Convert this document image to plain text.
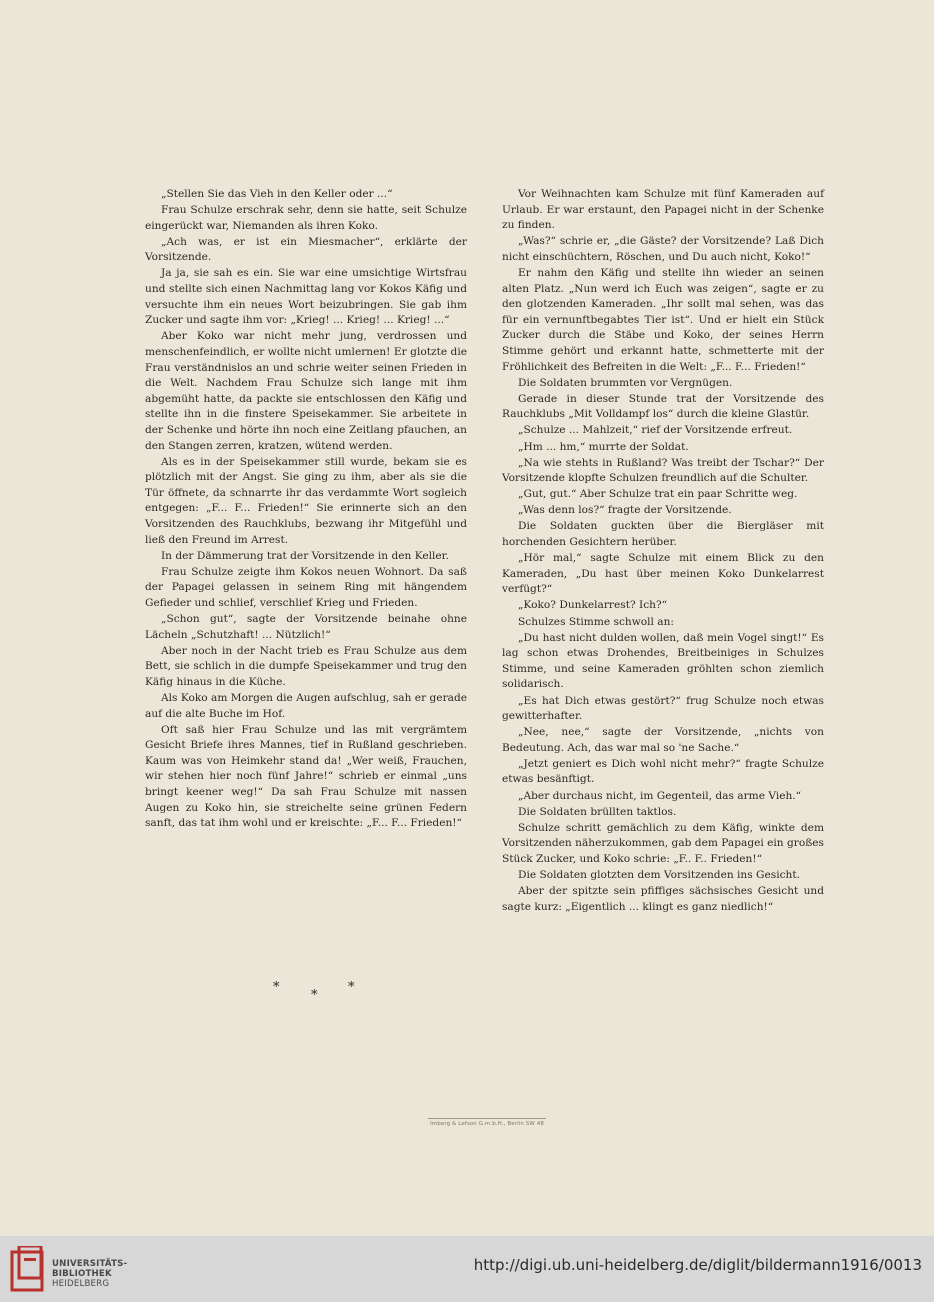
„Stellen Sie das Vieh in den Keller oder ...“

Frau Schulze erschrak sehr, denn sie hatte, seit Schulze eingerückt war, Niemanden als ihren Koko.

„Ach was, er ist ein Miesmacher“, erklärte der Vorsitzende.

Ja ja, sie sah es ein. Sie war eine umsichtige Wirtsfrau und stellte sich einen Nachmittag lang vor Kokos Käfig und versuchte ihm ein neues Wort beizubringen. Sie gab ihm Zucker und sagte ihm vor: „Krieg! ... Krieg! ... Krieg! ...“

Aber Koko war nicht mehr jung, verdrossen und menschenfeindlich, er wollte nicht umlernen! Er glotzte die Frau verständnislos an und schrie weiter seinen Frieden in die Welt. Nachdem Frau Schulze sich lange mit ihm abgemüht hatte, da packte sie entschlossen den Käfig und stellte ihn in die finstere Speisekammer. Sie arbeitete in der Schenke und hörte ihn noch eine Zeitlang pfauchen, an den Stangen zerren, kratzen, wütend werden.

Als es in der Speisekammer still wurde, bekam sie es plötzlich mit der Angst. Sie ging zu ihm, aber als sie die Tür öffnete, da schnarrte ihr das verdammte Wort sogleich entgegen: „F... F... Frieden!“ Sie erinnerte sich an den Vorsitzenden des Rauchklubs, bezwang ihr Mitgefühl und ließ den Freund im Arrest.

In der Dämmerung trat der Vorsitzende in den Keller.

Frau Schulze zeigte ihm Kokos neuen Wohnort. Da saß der Papagei gelassen in seinem Ring mit hängendem Gefieder und schlief, verschlief Krieg und Frieden.

„Schon gut“, sagte der Vorsitzende beinahe ohne Lächeln „Schutzhaft! ... Nützlich!“

Aber noch in der Nacht trieb es Frau Schulze aus dem Bett, sie schlich in die dumpfe Speisekammer und trug den Käfig hinaus in die Küche.

Als Koko am Morgen die Augen aufschlug, sah er gerade auf die alte Buche im Hof.

Oft saß hier Frau Schulze und las mit vergrämtem Gesicht Briefe ihres Mannes, tief in Rußland geschrieben. Kaum was von Heimkehr stand da! „Wer weiß, Frauchen, wir stehen hier noch fünf Jahre!“ schrieb er einmal „uns bringt keener weg!“ Da sah Frau Schulze mit nassen Augen zu Koko hin, sie streichelte seine grünen Federn sanft, das tat ihm wohl und er kreischte: „F... F... Frieden!“

*
*
*

Vor Weihnachten kam Schulze mit fünf Kameraden auf Urlaub. Er war erstaunt, den Papagei nicht in der Schenke zu finden.

„Was?“ schrie er, „die Gäste? der Vorsitzende? Laß Dich nicht einschüchtern, Röschen, und Du auch nicht, Koko!“

Er nahm den Käfig und stellte ihn wieder an seinen alten Platz. „Nun werd ich Euch was zeigen“, sagte er zu den glotzenden Kameraden. „Ihr sollt mal sehen, was das für ein vernunftbegabtes Tier ist“. Und er hielt ein Stück Zucker durch die Stäbe und Koko, der seines Herrn Stimme gehört und erkannt hatte, schmetterte mit der Fröhlichkeit des Befreiten in die Welt: „F... F... Frieden!“

Die Soldaten brummten vor Vergnügen.

Gerade in dieser Stunde trat der Vorsitzende des Rauchklubs „Mit Volldampf los“ durch die kleine Glastür.

„Schulze ... Mahlzeit,“ rief der Vorsitzende erfreut.

„Hm ... hm,“ murrte der Soldat.

„Na wie stehts in Rußland? Was treibt der Tschar?“ Der Vorsitzende klopfte Schulzen freundlich auf die Schulter.

„Gut, gut.“ Aber Schulze trat ein paar Schritte weg.

„Was denn los?“ fragte der Vorsitzende.

Die Soldaten guckten über die Biergläser mit horchenden Gesichtern herüber.

„Hör mal,“ sagte Schulze mit einem Blick zu den Kameraden, „Du hast über meinen Koko Dunkelarrest verfügt?“

„Koko? Dunkelarrest? Ich?“

Schulzes Stimme schwoll an:

„Du hast nicht dulden wollen, daß mein Vogel singt!“ Es lag schon etwas Drohendes, Breitbeiniges in Schulzes Stimme, und seine Kameraden gröhlten schon ziemlich solidarisch.

„Es hat Dich etwas gestört?“ frug Schulze noch etwas gewitterhafter.

„Nee, nee,“ sagte der Vorsitzende, „nichts von Bedeutung. Ach, das war mal so 'ne Sache.“

„Jetzt geniert es Dich wohl nicht mehr?“ fragte Schulze etwas besänftigt.

„Aber durchaus nicht, im Gegenteil, das arme Vieh.“

Die Soldaten brüllten taktlos.

Schulze schritt gemächlich zu dem Käfig, winkte dem Vorsitzenden näherzukommen, gab dem Papagei ein großes Stück Zucker, und Koko schrie: „F.. F.. Frieden!“

Die Soldaten glotzten dem Vorsitzenden ins Gesicht.

Aber der spitzte sein pfiffiges sächsisches Gesicht und sagte kurz: „Eigentlich ... klingt es ganz niedlich!“

Imberg & Lefson G.m.b.H., Berlin SW 48
UNIVERSITÄTS-
BIBLIOTHEK
HEIDELBERG
http://digi.ub.uni-heidelberg.de/diglit/bildermann1916/0013
